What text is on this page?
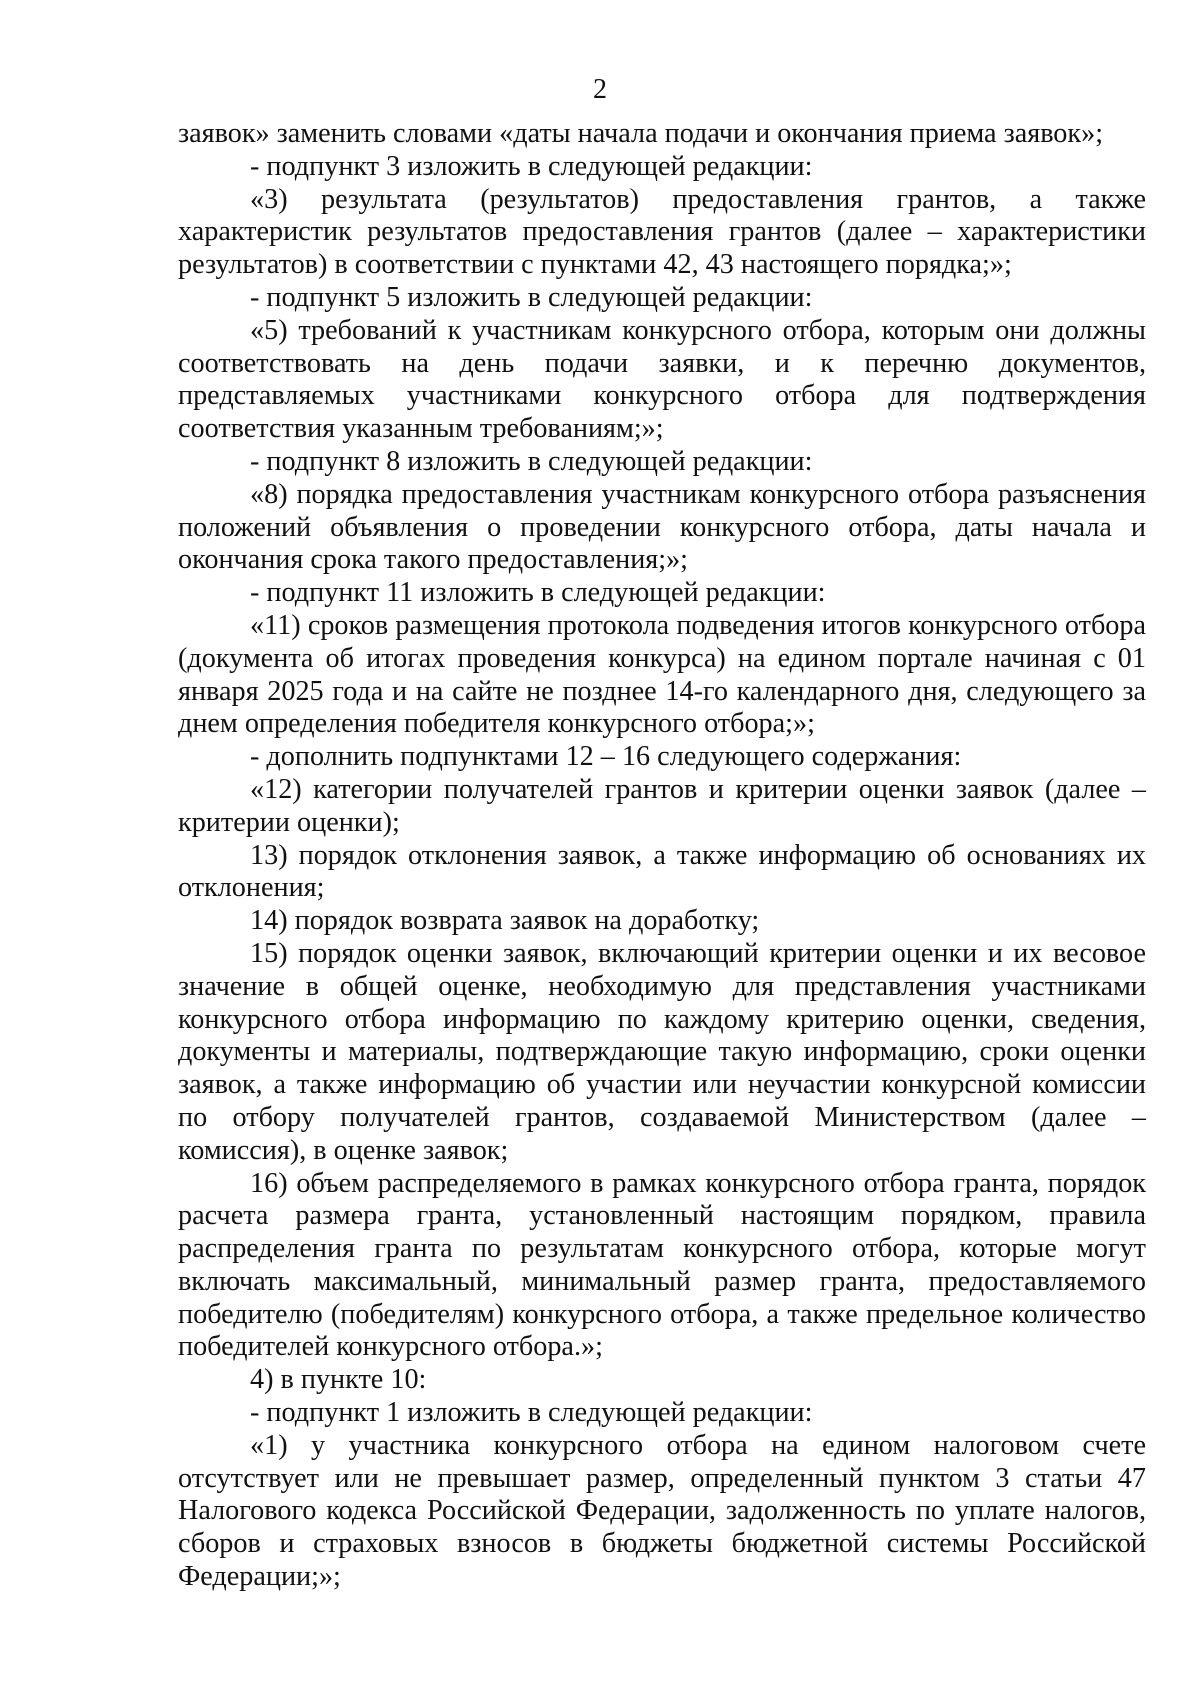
2

заявок» заменить словами «даты начала подачи и окончания приема заявок»;

- подпункт 3 изложить в следующей редакции:

«3) результата (результатов) предоставления грантов, а также характеристик результатов предоставления грантов (далее – характеристики результатов) в соответствии с пунктами 42, 43 настоящего порядка;»;

- подпункт 5 изложить в следующей редакции:

«5) требований к участникам конкурсного отбора, которым они должны соответствовать на день подачи заявки, и к перечню документов, представляемых участниками конкурсного отбора для подтверждения соответствия указанным требованиям;»;

- подпункт 8 изложить в следующей редакции:

«8) порядка предоставления участникам конкурсного отбора разъяснения положений объявления о проведении конкурсного отбора, даты начала и окончания срока такого предоставления;»;

- подпункт 11 изложить в следующей редакции:

«11) сроков размещения протокола подведения итогов конкурсного отбора (документа об итогах проведения конкурса) на едином портале начиная с 01 января 2025 года и на сайте не позднее 14-го календарного дня, следующего за днем определения победителя конкурсного отбора;»;

- дополнить подпунктами 12 – 16 следующего содержания:

«12) категории получателей грантов и критерии оценки заявок (далее – критерии оценки);

13) порядок отклонения заявок, а также информацию об основаниях их отклонения;

14) порядок возврата заявок на доработку;

15) порядок оценки заявок, включающий критерии оценки и их весовое значение в общей оценке, необходимую для представления участниками конкурсного отбора информацию по каждому критерию оценки, сведения, документы и материалы, подтверждающие такую информацию, сроки оценки заявок, а также информацию об участии или неучастии конкурсной комиссии по отбору получателей грантов, создаваемой Министерством (далее – комиссия), в оценке заявок;

16) объем распределяемого в рамках конкурсного отбора гранта, порядок расчета размера гранта, установленный настоящим порядком, правила распределения гранта по результатам конкурсного отбора, которые могут включать максимальный, минимальный размер гранта, предоставляемого победителю (победителям) конкурсного отбора, а также предельное количество победителей конкурсного отбора.»;

4) в пункте 10:

- подпункт 1 изложить в следующей редакции:

«1) у участника конкурсного отбора на едином налоговом счете отсутствует или не превышает размер, определенный пунктом 3 статьи 47 Налогового кодекса Российской Федерации, задолженность по уплате налогов, сборов и страховых взносов в бюджеты бюджетной системы Российской Федерации;»;
